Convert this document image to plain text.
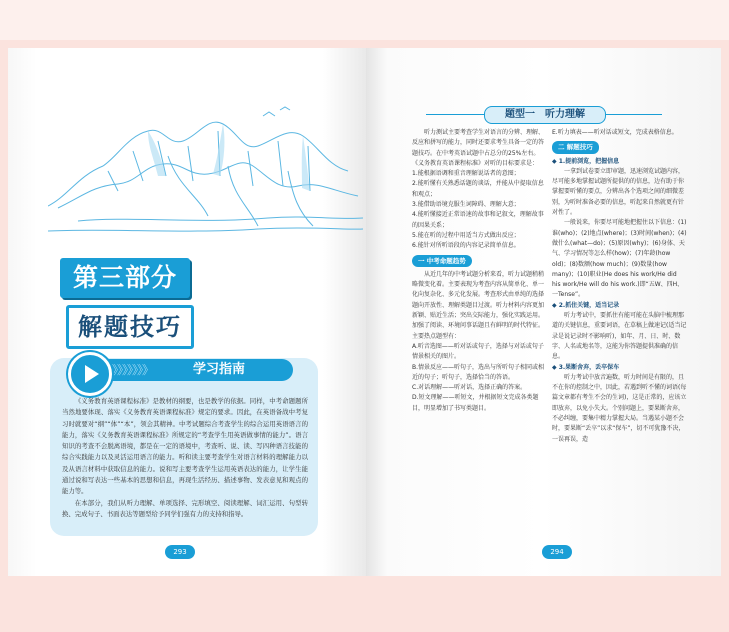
第三部分
解题技巧
》》》》》》》	学习指南

《义务教育英语课程标准》是教材的纲要，也是教学的依据。同样，中考命题题所当然地要体现、落实《义务教育英语课程标准》规定的要求。因此，在英语备战中考复习时就要对“纲”“体”“本”，领会其精神。中考试题综合考查学生的综合运用英语语言的能力，落实《义务教育英语课程标准》所规定的“考查学生用英语做事情的能力”。语言知识的考查不会脱离语境，都是在一定的语境中，考查听、说、读、写四种语言技能的综合实践能力以及灵活运用语言的能力。听和读主要考查学生对语言材料的理解能力以及从语言材料中获取信息的能力。说和写主要考查学生运用英语表达的能力，让学生能通过说和写表达一些基本的思想和信息，再现生活经历、描述事物、发表意见和观点的能力等。

在本部分，我们从听力理解、单项选择、完形填空、阅读理解、词汇运用、句型转换、完成句子、书面表达等题型给予同学们强有力的支持和指导。

293
题型一　听力理解

听力测试主要考查学生对语言的分辨、理解、反应和拼写的能力，同时还要求考生具备一定的答题技巧。在中考英语试题中占总分的25%左右。《义务教育英语课程标准》对听的目标要求是：

1.能根据语调和重音理解说话者的意图；

2.能听懂有关熟悉话题的谈话，并能从中提取信息和观点；

3.能借助语境克服生词障碍、理解大意；

4.能听懂接近正常语速的故事和记叙文，理解故事的因果关系；

5.能在听的过程中用适当方式做出反应；

6.能针对所听语段的内容记录简单信息。

一 中考命题趋势

从近几年的中考试题分析来看，听力试题稍稍略微变化着。主要表现为考查内容从简单化、单一化向复杂化、多元化发展。考查形式由单纯的选择题向开放性、理解类题目过渡。听力材料内容更加新颖、贴近生活；突出交际能力，强化实践运用。加强了阅读、环境问事话题且有鲜明的时代特征。主要热点题型有：

A.听音选图——听对话或句子，选择与对话或句子情景相关的图片。

B.情景反应——听句子，选出与所听句子相同或相近的句子；听句子，选择恰当的答语。

C.对话理解——听对话，选择正确的答案。

D.短文理解——听短文，并根据短文完成各类题目，明显增加了书写类题目。

E.听力填表——听对话或短文，完成表格信息。

二 解题技巧

◆ 1.提前浏览，把握信息

一拿到试卷要立即审题，迅速浏览试题内容，尽可能多地掌握试题所提供的的信息，边有助于你掌握要听懂的要点，分辨出各个选项之间的细微差别，为听时准备必要的信息，听起来自然就更有针对性了。

一般说来，你要尽可能地把握住以下信息：(1)谁(who)；(2)地点(where)；(3)时间(when)；(4)做什么(what—do)；(5)原因(why)；(6)身体、天气、学习情况等怎么样(how)；(7)年龄(how old)；(8)数额(how much)；(9)数量(how many)；(10)职业(He does his work/He did his work/He will do his work.)即“五W、四H、一Tense”。

◆ 2.抓住关键，适当记录

听力考试中，要抓住有能可能在头脑中梳理那道的关键信息，重要词语，在草稿上做速记(适当记录是说记录时不影响听)，如年、月、日、时、数字、人名或地名等，这能为你答题提供准确的信息。

◆ 3.果断舍弃，丢卒保车

听力考试中放音遍数，听力时间是有限的，且不在你的控制之中，因此，若遇到听不懂的词语(每篇文章都有考生不会的生词)，这是正常的，应该立即放弃，以免小失大。个别问题上，要果断舍弃，不必纠缠，要集中精力掌握大局。当遇某小题不会时，要果断“丢卒”以求“保车”，切不可犹豫不决，一误再误，造

294
